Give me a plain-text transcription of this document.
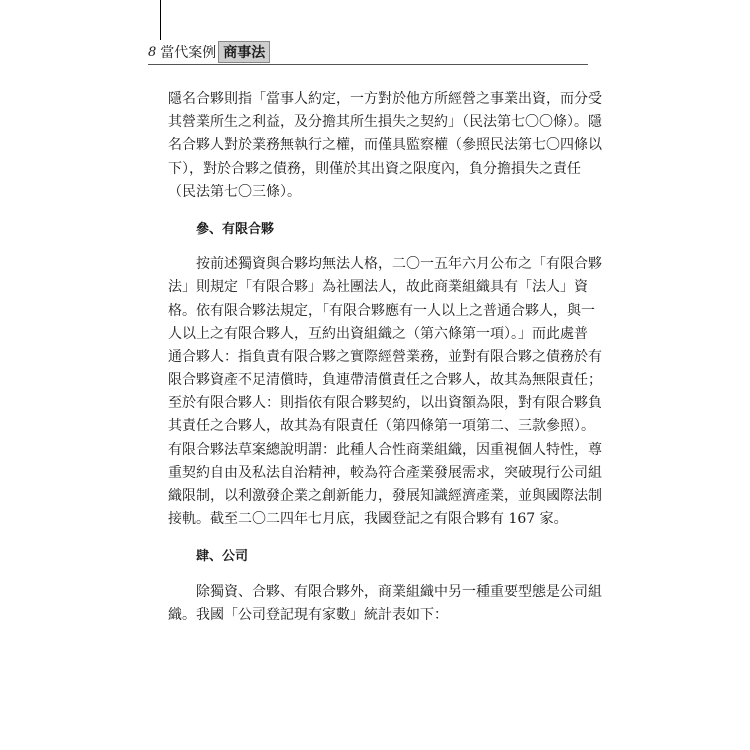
8 當代案例 商事法
隱名合夥則指「當事人約定，一方對於他方所經營之事業出資，而分受
其營業所生之利益，及分擔其所生損失之契約」（民法第七〇〇條）。隱
名合夥人對於業務無執行之權，而僅具監察權（參照民法第七〇四條以
下），對於合夥之債務，則僅於其出資之限度內，負分擔損失之責任
（民法第七〇三條）。
參、有限合夥
　　按前述獨資與合夥均無法人格，二〇一五年六月公布之「有限合夥
法」則規定「有限合夥」為社團法人，故此商業組織具有「法人」資
格。依有限合夥法規定，「有限合夥應有一人以上之普通合夥人，與一
人以上之有限合夥人，互約出資組織之（第六條第一項）。」而此處普
通合夥人：指負責有限合夥之實際經營業務，並對有限合夥之債務於有
限合夥資產不足清償時，負連帶清償責任之合夥人，故其為無限責任；
至於有限合夥人：則指依有限合夥契約，以出資額為限，對有限合夥負
其責任之合夥人，故其為有限責任（第四條第一項第二、三款參照）。
有限合夥法草案總說明謂：此種人合性商業組織，因重視個人特性，尊
重契約自由及私法自治精神，較為符合產業發展需求，突破現行公司組
織限制，以利激發企業之創新能力，發展知識經濟產業，並與國際法制
接軌。截至二〇二四年七月底，我國登記之有限合夥有 167 家。
肆、公司
　　除獨資、合夥、有限合夥外，商業組織中另一種重要型態是公司組
織。我國「公司登記現有家數」統計表如下：
